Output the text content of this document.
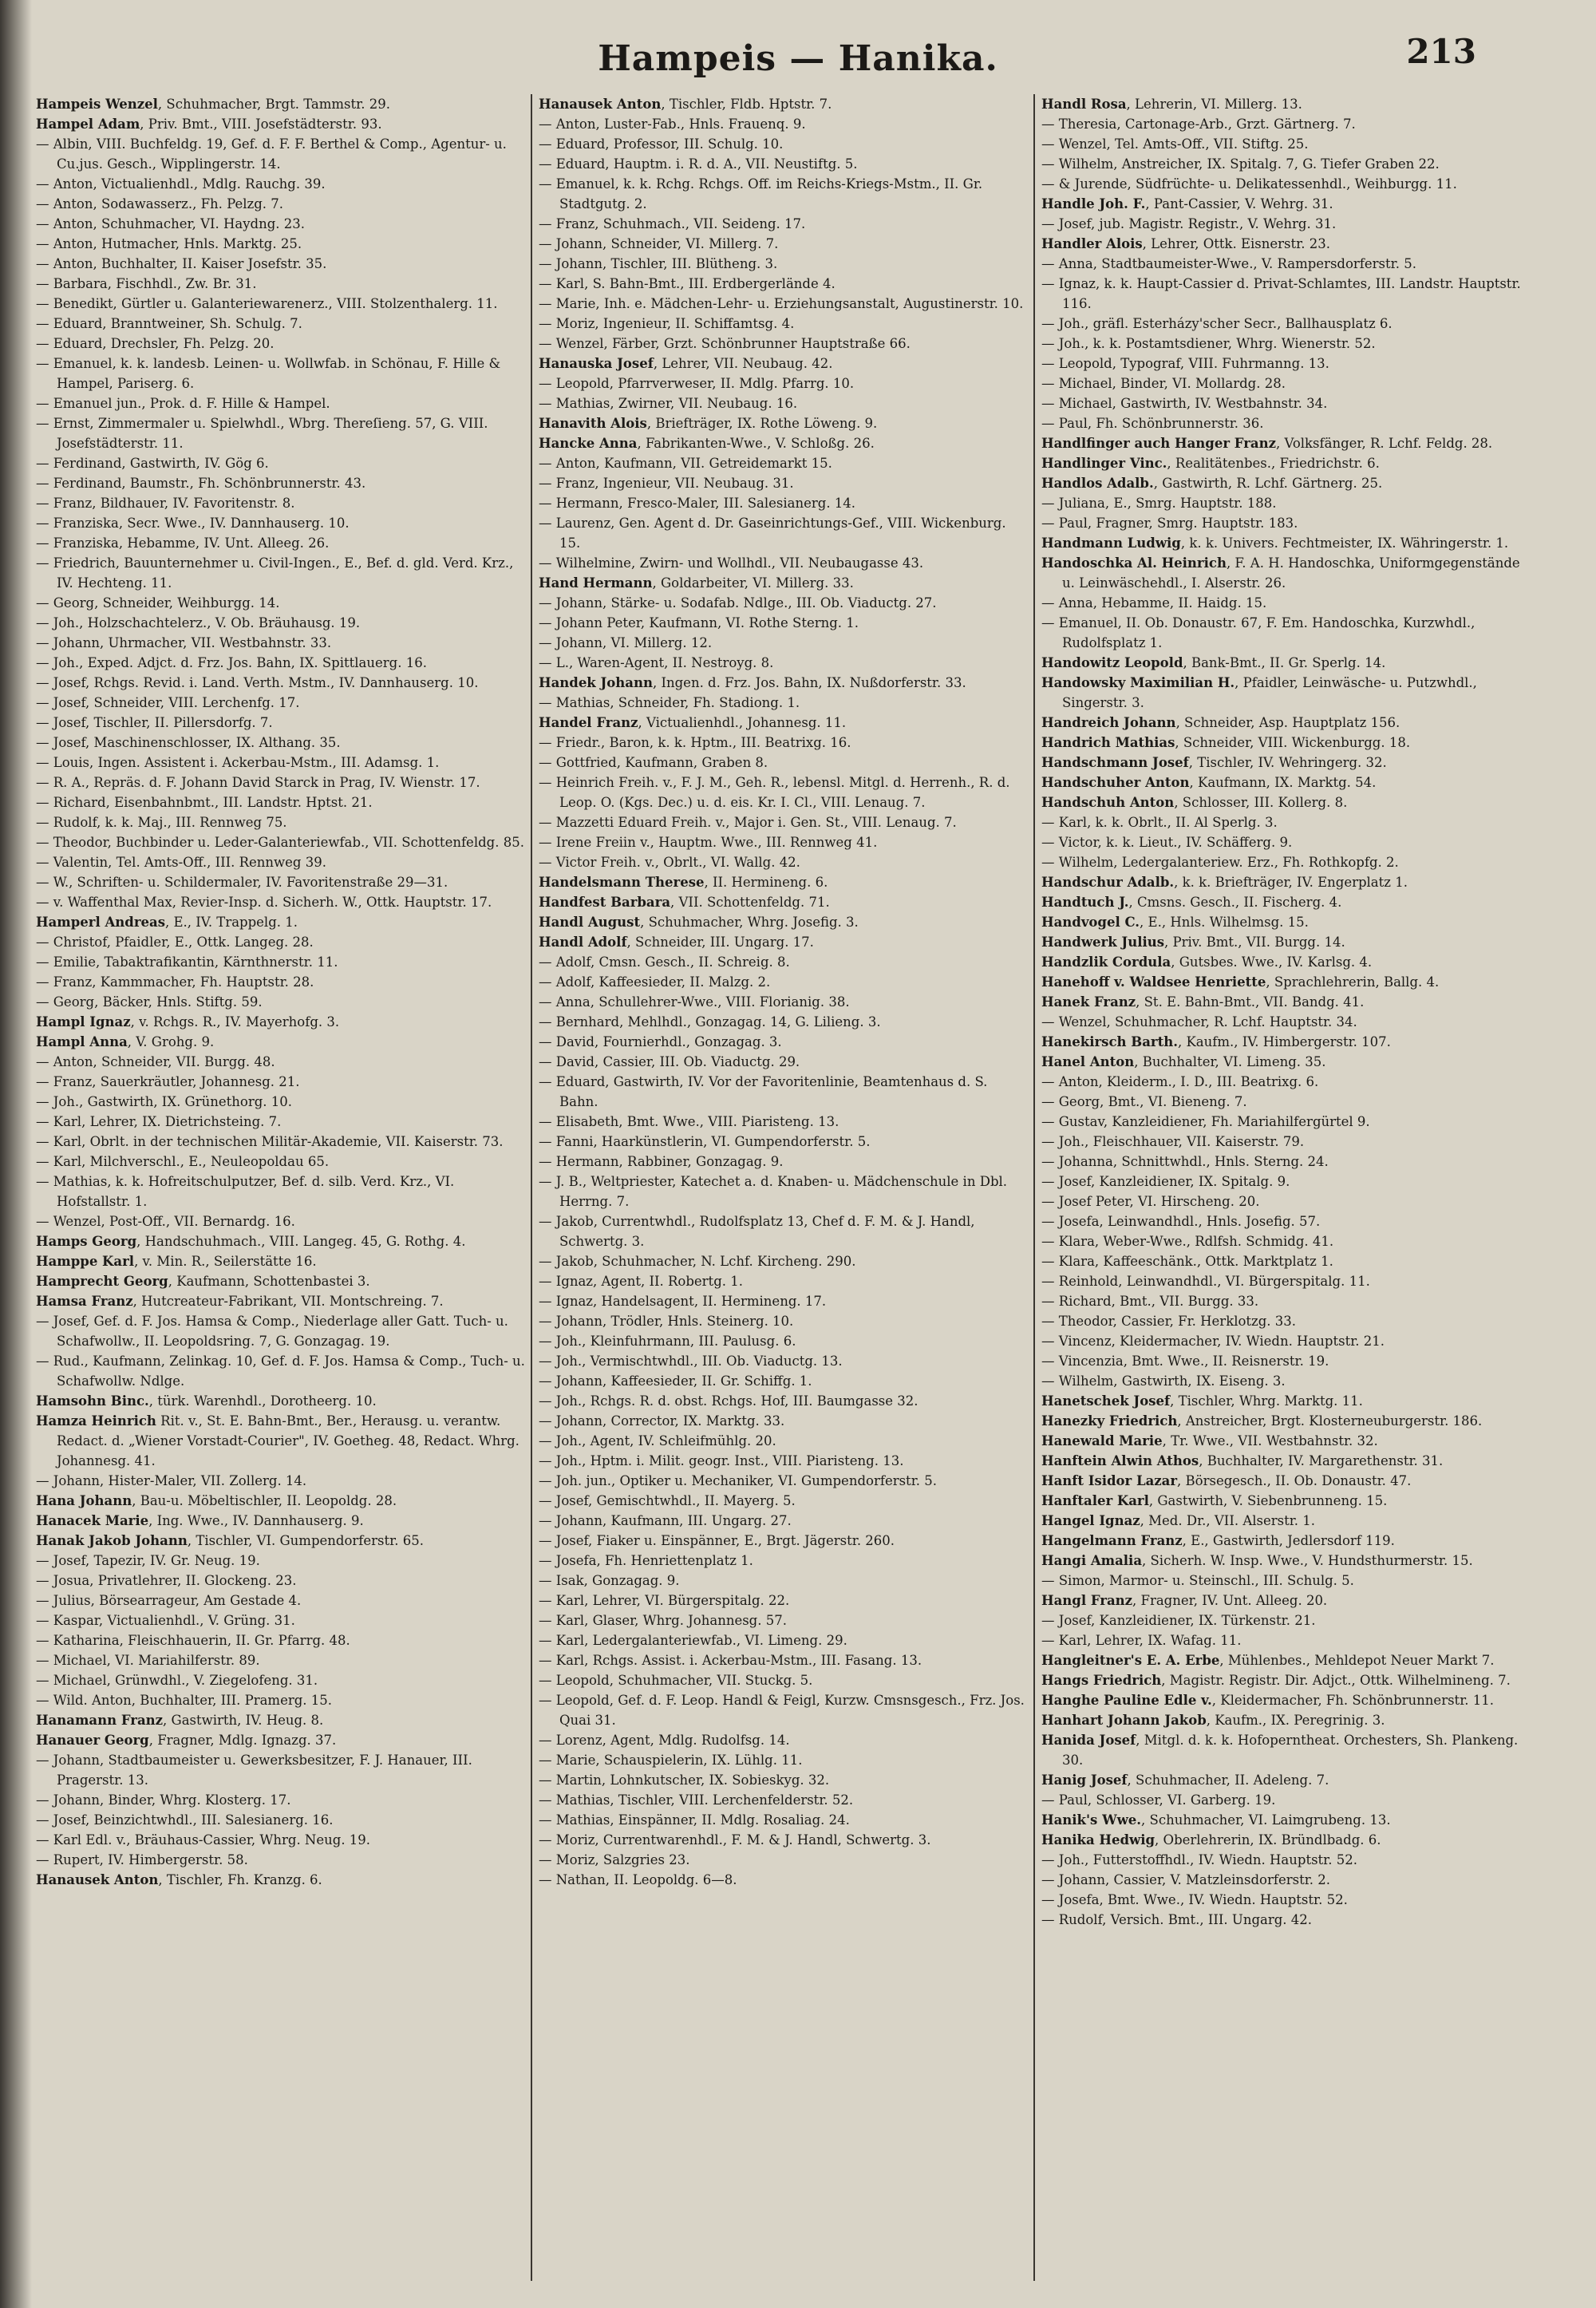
Hampeis — Hanika.	213
Hampeis Wenzel, Schuhmacher, Brgt. Tammstr. 29.
Hampel Adam, Priv. Bmt., VIII. Josefstädterstr. 93.
— Albin, VIII. Buchfeldg. 19, Gef. d. F. F. Berthel & Comp., Agentur- u. Cu.jus. Gesch., Wipplingerstr. 14.
— Anton, Victualienhdl., Mdlg. Rauchg. 39.
— Anton, Sodawasserz., Fh. Pelzg. 7.
— Anton, Schuhmacher, VI. Haydng. 23.
— Anton, Hutmacher, Hnls. Marktg. 25.
— Anton, Buchhalter, II. Kaiser Josefstr. 35.
— Barbara, Fischhdl., Zw. Br. 31.
— Benedikt, Gürtler u. Galanteriewarenerz., VIII. Stolzenthalerg. 11.
— Eduard, Branntweiner, Sh. Schulg. 7.
— Eduard, Drechsler, Fh. Pelzg. 20.
— Emanuel, k. k. landesb. Leinen- u. Wollwfab. in Schönau, F. Hille & Hampel, Pariserg. 6.
— Emanuel jun., Prok. d. F. Hille & Hampel.
— Ernst, Zimmermaler u. Spielwhdl., Wbrg. Thereſieng. 57, G. VIII. Josefstädterstr. 11.
— Ferdinand, Gastwirth, IV. Gög 6.
— Ferdinand, Baumstr., Fh. Schönbrunnerstr. 43.
— Franz, Bildhauer, IV. Favoritenstr. 8.
— Franziska, Secr. Wwe., IV. Dannhauserg. 10.
— Franziska, Hebamme, IV. Unt. Alleeg. 26.
— Friedrich, Bauunternehmer u. Civil-Ingen., E., Bef. d. gld. Verd. Krz., IV. Hechteng. 11.
— Georg, Schneider, Weihburgg. 14.
— Joh., Holzschachtelerz., V. Ob. Bräuhausg. 19.
— Johann, Uhrmacher, VII. Westbahnstr. 33.
— Joh., Exped. Adjct. d. Frz. Jos. Bahn, IX. Spittlauerg. 16.
— Josef, Rchgs. Revid. i. Land. Verth. Mstm., IV. Dannhauserg. 10.
— Josef, Schneider, VIII. Lerchenfg. 17.
— Josef, Tischler, II. Pillersdorfg. 7.
— Josef, Maschinenschlosser, IX. Althang. 35.
— Louis, Ingen. Assistent i. Ackerbau-Mstm., III. Adamsg. 1.
— R. A., Repräs. d. F. Johann David Starck in Prag, IV. Wienstr. 17.
— Richard, Eisenbahnbmt., III. Landstr. Hptst. 21.
— Rudolf, k. k. Maj., III. Rennweg 75.
— Theodor, Buchbinder u. Leder-Galanteriewfab., VII. Schottenfeldg. 85.
— Valentin, Tel. Amts-Off., III. Rennweg 39.
— W., Schriften- u. Schildermaler, IV. Favoritenstraße 29—31.
— v. Waffenthal Max, Revier-Insp. d. Sicherh. W., Ottk. Hauptstr. 17.
Hamperl Andreas, E., IV. Trappelg. 1.
— Christof, Pfaidler, E., Ottk. Langeg. 28.
— Emilie, Tabaktrafikantin, Kärnthnerstr. 11.
— Franz, Kammmacher, Fh. Hauptstr. 28.
— Georg, Bäcker, Hnls. Stiftg. 59.
Hampl Ignaz, v. Rchgs. R., IV. Mayerhofg. 3.
Hampl Anna, V. Grohg. 9.
— Anton, Schneider, VII. Burgg. 48.
— Franz, Sauerkräutler, Johannesg. 21.
— Joh., Gastwirth, IX. Grünethorg. 10.
— Karl, Lehrer, IX. Dietrichsteing. 7.
— Karl, Obrlt. in der technischen Militär-Akademie, VII. Kaiserstr. 73.
— Karl, Milchverschl., E., Neuleopoldau 65.
— Mathias, k. k. Hofreitschulputzer, Bef. d. silb. Verd. Krz., VI. Hofstallstr. 1.
— Wenzel, Post-Off., VII. Bernardg. 16.
Hamps Georg, Handschuhmach., VIII. Langeg. 45, G. Rothg. 4.
Hamppe Karl, v. Min. R., Seilerstätte 16.
Hamprecht Georg, Kaufmann, Schottenbastei 3.
Hamsa Franz, Hutcreateur-Fabrikant, VII. Montschreing. 7.
— Josef, Gef. d. F. Jos. Hamsa & Comp., Niederlage aller Gatt. Tuch- u. Schafwollw., II. Leopoldsring. 7, G. Gonzagag. 19.
— Rud., Kaufmann, Zelinkag. 10, Gef. d. F. Jos. Hamsa & Comp., Tuch- u. Schafwollw. Ndlge.
Hamsohn Binc., türk. Warenhdl., Dorotheerg. 10.
Hamza Heinrich Rit. v., St. E. Bahn-Bmt., Ber., Herausg. u. verantw. Redact. d. „Wiener Vorstadt-Courier", IV. Goetheg. 48, Redact. Whrg. Johannesg. 41.
— Johann, Hister-Maler, VII. Zollerg. 14.
Hana Johann, Bau-u. Möbeltischler, II. Leopoldg. 28.
Hanacek Marie, Ing. Wwe., IV. Dannhauserg. 9.
Hanak Jakob Johann, Tischler, VI. Gumpendorferstr. 65.
— Josef, Tapezir, IV. Gr. Neug. 19.
— Josua, Privatlehrer, II. Glockeng. 23.
— Julius, Börsearrageur, Am Gestade 4.
— Kaspar, Victualienhdl., V. Grüng. 31.
— Katharina, Fleischhauerin, II. Gr. Pfarrg. 48.
— Michael, VI. Mariahilferstr. 89.
— Michael, Grünwdhl., V. Ziegelofeng. 31.
— Wild. Anton, Buchhalter, III. Pramerg. 15.
Hanamann Franz, Gastwirth, IV. Heug. 8.
Hanauer Georg, Fragner, Mdlg. Ignazg. 37.
— Johann, Stadtbaumeister u. Gewerksbesitzer, F. J. Hanauer, III. Pragerstr. 13.
— Johann, Binder, Whrg. Klosterg. 17.
— Josef, Beinzichtwhdl., III. Salesianerg. 16.
— Karl Edl. v., Bräuhaus-Cassier, Whrg. Neug. 19.
— Rupert, IV. Himbergerstr. 58.
Hanausek Anton, Tischler, Fh. Kranzg. 6.
Hanausek Anton, Tischler, Fldb. Hptstr. 7.
— Anton, Luster-Fab., Hnls. Frauenq. 9.
— Eduard, Professor, III. Schulg. 10.
— Eduard, Hauptm. i. R. d. A., VII. Neustiftg. 5.
— Emanuel, k. k. Rchg. Rchgs. Off. im Reichs-Kriegs-Mstm., II. Gr. Stadtgutg. 2.
— Franz, Schuhmach., VII. Seideng. 17.
— Johann, Schneider, VI. Millerg. 7.
— Johann, Tischler, III. Blütheng. 3.
— Karl, S. Bahn-Bmt., III. Erdbergerlände 4.
— Marie, Inh. e. Mädchen-Lehr- u. Erziehungsanstalt, Augustinerstr. 10.
— Moriz, Ingenieur, II. Schiffamtsg. 4.
— Wenzel, Färber, Grzt. Schönbrunner Hauptstraße 66.
Hanauska Josef, Lehrer, VII. Neubaug. 42.
— Leopold, Pfarrverweser, II. Mdlg. Pfarrg. 10.
— Mathias, Zwirner, VII. Neubaug. 16.
Hanavith Alois, Briefträger, IX. Rothe Löweng. 9.
Hancke Anna, Fabrikanten-Wwe., V. Schloßg. 26.
— Anton, Kaufmann, VII. Getreidemarkt 15.
— Franz, Ingenieur, VII. Neubaug. 31.
— Hermann, Fresco-Maler, III. Salesianerg. 14.
— Laurenz, Gen. Agent d. Dr. Gaseinrichtungs-Gef., VIII. Wickenburg. 15.
— Wilhelmine, Zwirn- und Wollhdl., VII. Neubaugasse 43.
Hand Hermann, Goldarbeiter, VI. Millerg. 33.
— Johann, Stärke- u. Sodafab. Ndlge., III. Ob. Viaductg. 27.
— Johann Peter, Kaufmann, VI. Rothe Sterng. 1.
— Johann, VI. Millerg. 12.
— L., Waren-Agent, II. Nestroyg. 8.
Handek Johann, Ingen. d. Frz. Jos. Bahn, IX. Nußdorferstr. 33.
— Mathias, Schneider, Fh. Stadiong. 1.
Handel Franz, Victualienhdl., Johannesg. 11.
— Friedr., Baron, k. k. Hptm., III. Beatrixg. 16.
— Gottfried, Kaufmann, Graben 8.
— Heinrich Freih. v., F. J. M., Geh. R., lebensl. Mitgl. d. Herrenh., R. d. Leop. O. (Kgs. Dec.) u. d. eis. Kr. I. Cl., VIII. Lenaug. 7.
— Mazzetti Eduard Freih. v., Major i. Gen. St., VIII. Lenaug. 7.
— Irene Freiin v., Hauptm. Wwe., III. Rennweg 41.
— Victor Freih. v., Obrlt., VI. Wallg. 42.
Handelsmann Therese, II. Hermineng. 6.
Handfest Barbara, VII. Schottenfeldg. 71.
Handl August, Schuhmacher, Whrg. Josefig. 3.
Handl Adolf, Schneider, III. Ungarg. 17.
— Adolf, Cmsn. Gesch., II. Schreig. 8.
— Adolf, Kaffeesieder, II. Malzg. 2.
— Anna, Schullehrer-Wwe., VIII. Florianig. 38.
— Bernhard, Mehlhdl., Gonzagag. 14, G. Lilieng. 3.
— David, Fournierhdl., Gonzagag. 3.
— David, Cassier, III. Ob. Viaductg. 29.
— Eduard, Gastwirth, IV. Vor der Favoritenlinie, Beamtenhaus d. S. Bahn.
— Elisabeth, Bmt. Wwe., VIII. Piaristeng. 13.
— Fanni, Haarkünstlerin, VI. Gumpendorferstr. 5.
— Hermann, Rabbiner, Gonzagag. 9.
— J. B., Weltpriester, Katechet a. d. Knaben- u. Mädchenschule in Dbl. Herrng. 7.
— Jakob, Currentwhdl., Rudolfsplatz 13, Chef d. F. M. & J. Handl, Schwertg. 3.
— Jakob, Schuhmacher, N. Lchf. Kircheng. 290.
— Ignaz, Agent, II. Robertg. 1.
— Ignaz, Handelsagent, II. Hermineng. 17.
— Johann, Trödler, Hnls. Steinerg. 10.
— Joh., Kleinfuhrmann, III. Paulusg. 6.
— Joh., Vermischtwhdl., III. Ob. Viaductg. 13.
— Johann, Kaffeesieder, II. Gr. Schiffg. 1.
— Joh., Rchgs. R. d. obst. Rchgs. Hof, III. Baumgasse 32.
— Johann, Corrector, IX. Marktg. 33.
— Joh., Agent, IV. Schleifmühlg. 20.
— Joh., Hptm. i. Milit. geogr. Inst., VIII. Piaristeng. 13.
— Joh. jun., Optiker u. Mechaniker, VI. Gumpendorferstr. 5.
— Josef, Gemischtwhdl., II. Mayerg. 5.
— Johann, Kaufmann, III. Ungarg. 27.
— Josef, Fiaker u. Einspänner, E., Brgt. Jägerstr. 260.
— Josefa, Fh. Henriettenplatz 1.
— Isak, Gonzagag. 9.
— Karl, Lehrer, VI. Bürgerspitalg. 22.
— Karl, Glaser, Whrg. Johannesg. 57.
— Karl, Ledergalanteriewfab., VI. Limeng. 29.
— Karl, Rchgs. Assist. i. Ackerbau-Mstm., III. Fasang. 13.
— Leopold, Schuhmacher, VII. Stuckg. 5.
— Leopold, Gef. d. F. Leop. Handl & Feigl, Kurzw. Cmsnsgesch., Frz. Jos. Quai 31.
— Lorenz, Agent, Mdlg. Rudolfsg. 14.
— Marie, Schauspielerin, IX. Lühlg. 11.
— Martin, Lohnkutscher, IX. Sobieskyg. 32.
— Mathias, Tischler, VIII. Lerchenfelderstr. 52.
— Mathias, Einspänner, II. Mdlg. Rosaliag. 24.
— Moriz, Currentwarenhdl., F. M. & J. Handl, Schwertg. 3.
— Moriz, Salzgries 23.
— Nathan, II. Leopoldg. 6—8.
Handl Rosa, Lehrerin, VI. Millerg. 13.
— Theresia, Cartonage-Arb., Grzt. Gärtnerg. 7.
— Wenzel, Tel. Amts-Off., VII. Stiftg. 25.
— Wilhelm, Anstreicher, IX. Spitalg. 7, G. Tiefer Graben 22.
— & Jurende, Südfrüchte- u. Delikatessenhdl., Weihburgg. 11.
Handle Joh. F., Pant-Cassier, V. Wehrg. 31.
— Josef, jub. Magistr. Registr., V. Wehrg. 31.
Handler Alois, Lehrer, Ottk. Eisnerstr. 23.
— Anna, Stadtbaumeister-Wwe., V. Rampersdorferstr. 5.
— Ignaz, k. k. Haupt-Cassier d. Privat-Schlamtes, III. Landstr. Hauptstr. 116.
— Joh., gräfl. Esterházy'scher Secr., Ballhausplatz 6.
— Joh., k. k. Postamtsdiener, Whrg. Wienerstr. 52.
— Leopold, Typograf, VIII. Fuhrmanng. 13.
— Michael, Binder, VI. Mollardg. 28.
— Michael, Gastwirth, IV. Westbahnstr. 34.
— Paul, Fh. Schönbrunnerstr. 36.
Handlfinger auch Hanger Franz, Volksfänger, R. Lchf. Feldg. 28.
Handlinger Vinc., Realitätenbes., Friedrichstr. 6.
Handlos Adalb., Gastwirth, R. Lchf. Gärtnerg. 25.
— Juliana, E., Smrg. Hauptstr. 188.
— Paul, Fragner, Smrg. Hauptstr. 183.
Handmann Ludwig, k. k. Univers. Fechtmeister, IX. Währingerstr. 1.
Handoschka Al. Heinrich, F. A. H. Handoschka, Uniformgegenstände u. Leinwäschehdl., I. Alserstr. 26.
— Anna, Hebamme, II. Haidg. 15.
— Emanuel, II. Ob. Donaustr. 67, F. Em. Handoschka, Kurzwhdl., Rudolfsplatz 1.
Handowitz Leopold, Bank-Bmt., II. Gr. Sperlg. 14.
Handowsky Maximilian H., Pfaidler, Leinwäsche- u. Putzwhdl., Singerstr. 3.
Handreich Johann, Schneider, Asp. Hauptplatz 156.
Handrich Mathias, Schneider, VIII. Wickenburgg. 18.
Handschmann Josef, Tischler, IV. Wehringerg. 32.
Handschuher Anton, Kaufmann, IX. Marktg. 54.
Handschuh Anton, Schlosser, III. Kollerg. 8.
— Karl, k. k. Obrlt., II. Al Sperlg. 3.
— Victor, k. k. Lieut., IV. Schäfferg. 9.
— Wilhelm, Ledergalanteriew. Erz., Fh. Rothkopfg. 2.
Handschur Adalb., k. k. Briefträger, IV. Engerplatz 1.
Handtuch J., Cmsns. Gesch., II. Fischerg. 4.
Handvogel C., E., Hnls. Wilhelmsg. 15.
Handwerk Julius, Priv. Bmt., VII. Burgg. 14.
Handzlik Cordula, Gutsbes. Wwe., IV. Karlsg. 4.
Hanehoff v. Waldsee Henriette, Sprachlehrerin, Ballg. 4.
Hanek Franz, St. E. Bahn-Bmt., VII. Bandg. 41.
— Wenzel, Schuhmacher, R. Lchf. Hauptstr. 34.
Hanekirsch Barth., Kaufm., IV. Himbergerstr. 107.
Hanel Anton, Buchhalter, VI. Limeng. 35.
— Anton, Kleiderm., I. D., III. Beatrixg. 6.
— Georg, Bmt., VI. Bieneng. 7.
— Gustav, Kanzleidiener, Fh. Mariahilfergürtel 9.
— Joh., Fleischhauer, VII. Kaiserstr. 79.
— Johanna, Schnittwhdl., Hnls. Sterng. 24.
— Josef, Kanzleidiener, IX. Spitalg. 9.
— Josef Peter, VI. Hirscheng. 20.
— Josefa, Leinwandhdl., Hnls. Josefig. 57.
— Klara, Weber-Wwe., Rdlfsh. Schmidg. 41.
— Klara, Kaffeeschänk., Ottk. Marktplatz 1.
— Reinhold, Leinwandhdl., VI. Bürgerspitalg. 11.
— Richard, Bmt., VII. Burgg. 33.
— Theodor, Cassier, Fr. Herklotzg. 33.
— Vincenz, Kleidermacher, IV. Wiedn. Hauptstr. 21.
— Vincenzia, Bmt. Wwe., II. Reisnerstr. 19.
— Wilhelm, Gastwirth, IX. Eiseng. 3.
Hanetschek Josef, Tischler, Whrg. Marktg. 11.
Hanezky Friedrich, Anstreicher, Brgt. Klosterneuburgerstr. 186.
Hanewald Marie, Tr. Wwe., VII. Westbahnstr. 32.
Hanftein Alwin Athos, Buchhalter, IV. Margarethenstr. 31.
Hanft Isidor Lazar, Börsegesch., II. Ob. Donaustr. 47.
Hanftaler Karl, Gastwirth, V. Siebenbrunneng. 15.
Hangel Ignaz, Med. Dr., VII. Alserstr. 1.
Hangelmann Franz, E., Gastwirth, Jedlersdorf 119.
Hangi Amalia, Sicherh. W. Insp. Wwe., V. Hundsthurmerstr. 15.
— Simon, Marmor- u. Steinschl., III. Schulg. 5.
Hangl Franz, Fragner, IV. Unt. Alleeg. 20.
— Josef, Kanzleidiener, IX. Türkenstr. 21.
— Karl, Lehrer, IX. Wafag. 11.
Hangleitner's E. A. Erbe, Mühlenbes., Mehldepot Neuer Markt 7.
Hangs Friedrich, Magistr. Registr. Dir. Adjct., Ottk. Wilhelmineng. 7.
Hanghe Pauline Edle v., Kleidermacher, Fh. Schönbrunnerstr. 11.
Hanhart Johann Jakob, Kaufm., IX. Peregrinig. 3.
Hanida Josef, Mitgl. d. k. k. Hofoperntheat. Orchesters, Sh. Plankeng. 30.
Hanig Josef, Schuhmacher, II. Adeleng. 7.
— Paul, Schlosser, VI. Garberg. 19.
Hanik's Wwe., Schuhmacher, VI. Laimgrubeng. 13.
Hanika Hedwig, Oberlehrerin, IX. Bründlbadg. 6.
— Joh., Futterstoffhdl., IV. Wiedn. Hauptstr. 52.
— Johann, Cassier, V. Matzleinsdorferstr. 2.
— Josefa, Bmt. Wwe., IV. Wiedn. Hauptstr. 52.
— Rudolf, Versich. Bmt., III. Ungarg. 42.
